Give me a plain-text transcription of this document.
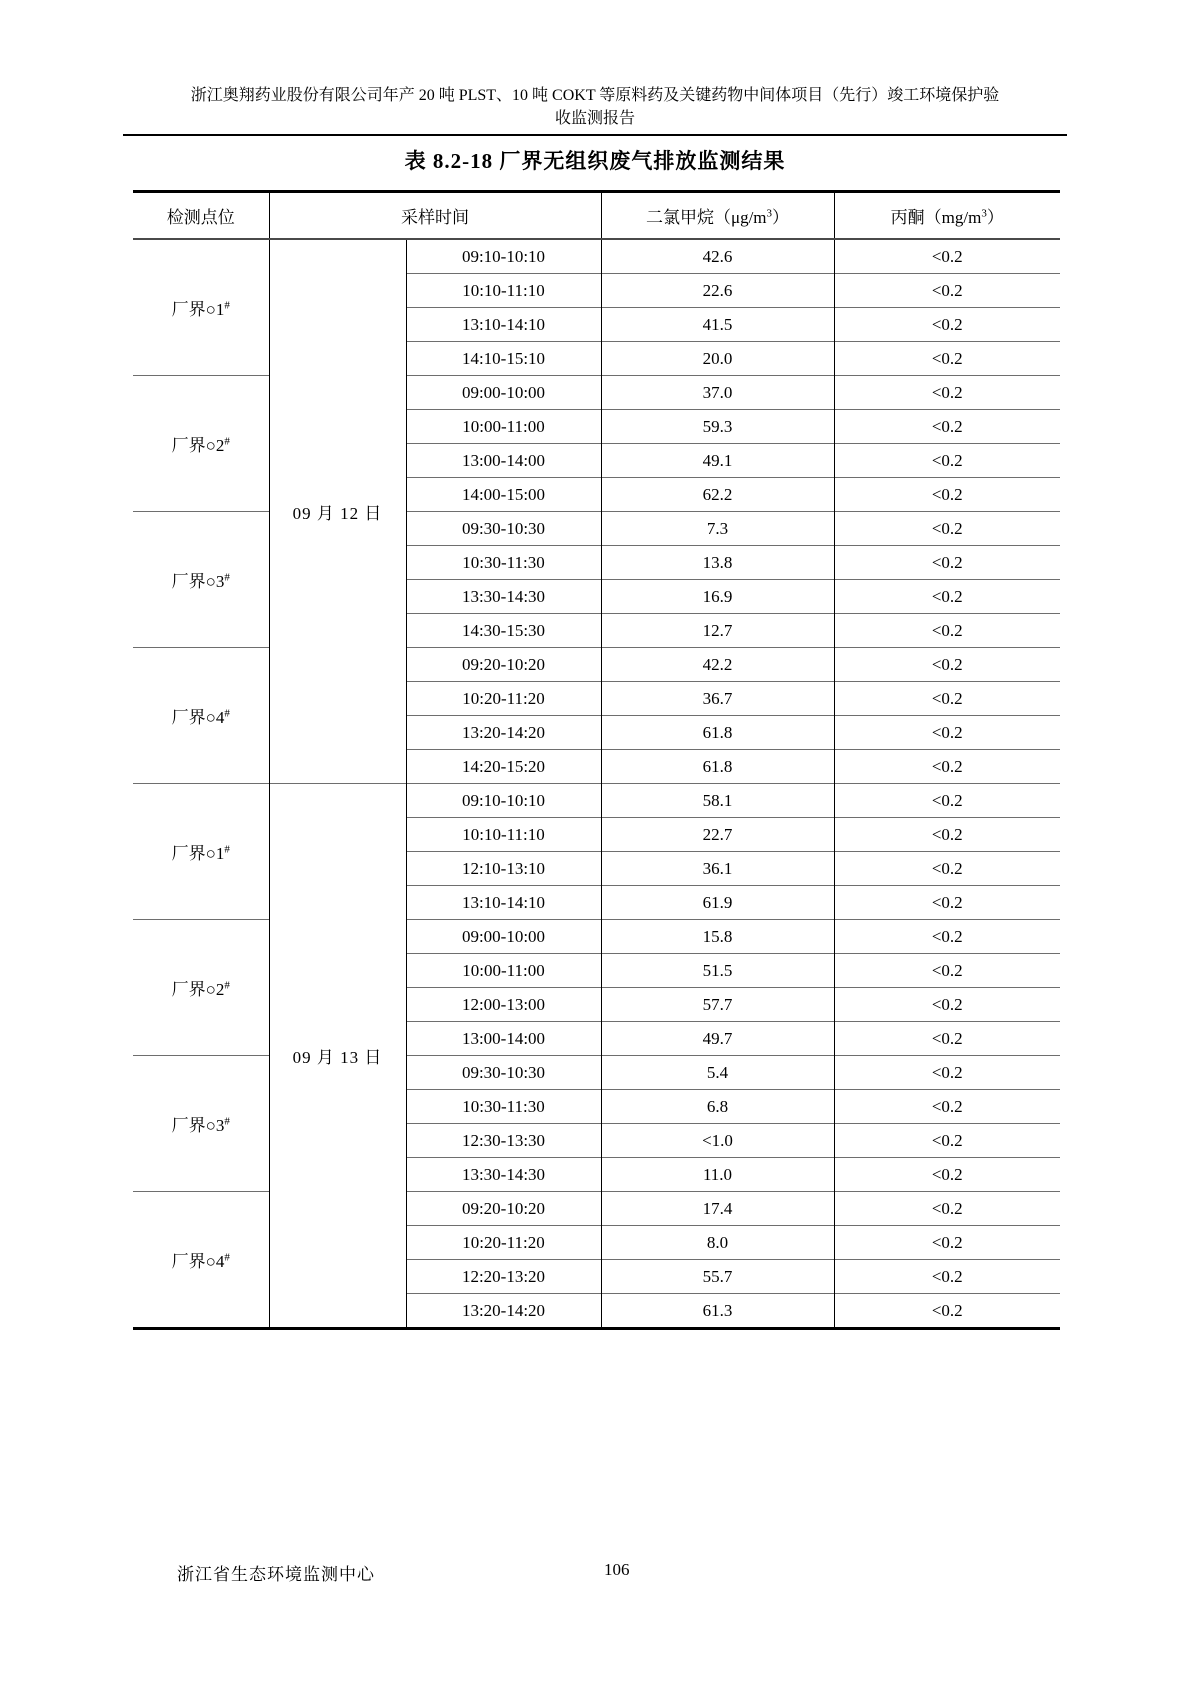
浙江奥翔药业股份有限公司年产 20 吨 PLST、10 吨 COKT 等原料药及关键药物中间体项目（先行）竣工环境保护验
收监测报告
表 8.2-18 厂界无组织废气排放监测结果
检测点位	采样时间		二氯甲烷$(\mu g/m^3)$	丙酮$(mg/m^3)$
厂界○1#	09 月 12 日	09:10-10:10	42.6	<0.2
		10:10-11:10	22.6	<0.2
		13:10-14:10	41.5	<0.2
		14:10-15:10	20.0	<0.2
厂界○2#		09:00-10:00	37.0	<0.2
		10:00-11:00	59.3	<0.2
		13:00-14:00	49.1	<0.2
		14:00-15:00	62.2	<0.2
厂界○3#		09:30-10:30	7.3	<0.2
		10:30-11:30	13.8	<0.2
		13:30-14:30	16.9	<0.2
		14:30-15:30	12.7	<0.2
厂界○4#		09:20-10:20	42.2	<0.2
		10:20-11:20	36.7	<0.2
		13:20-14:20	61.8	<0.2
		14:20-15:20	61.8	<0.2
厂界○1#	09 月 13 日	09:10-10:10	58.1	<0.2
		10:10-11:10	22.7	<0.2
		12:10-13:10	36.1	<0.2
		13:10-14:10	61.9	<0.2
厂界○2#		09:00-10:00	15.8	<0.2
		10:00-11:00	51.5	<0.2
		12:00-13:00	57.7	<0.2
		13:00-14:00	49.7	<0.2
厂界○3#		09:30-10:30	5.4	<0.2
		10:30-11:30	6.8	<0.2
		12:30-13:30	<1.0	<0.2
		13:30-14:30	11.0	<0.2
厂界○4#		09:20-10:20	17.4	<0.2
		10:20-11:20	8.0	<0.2
		12:20-13:20	55.7	<0.2
		13:20-14:20	61.3	<0.2
浙江省生态环境监测中心	106
